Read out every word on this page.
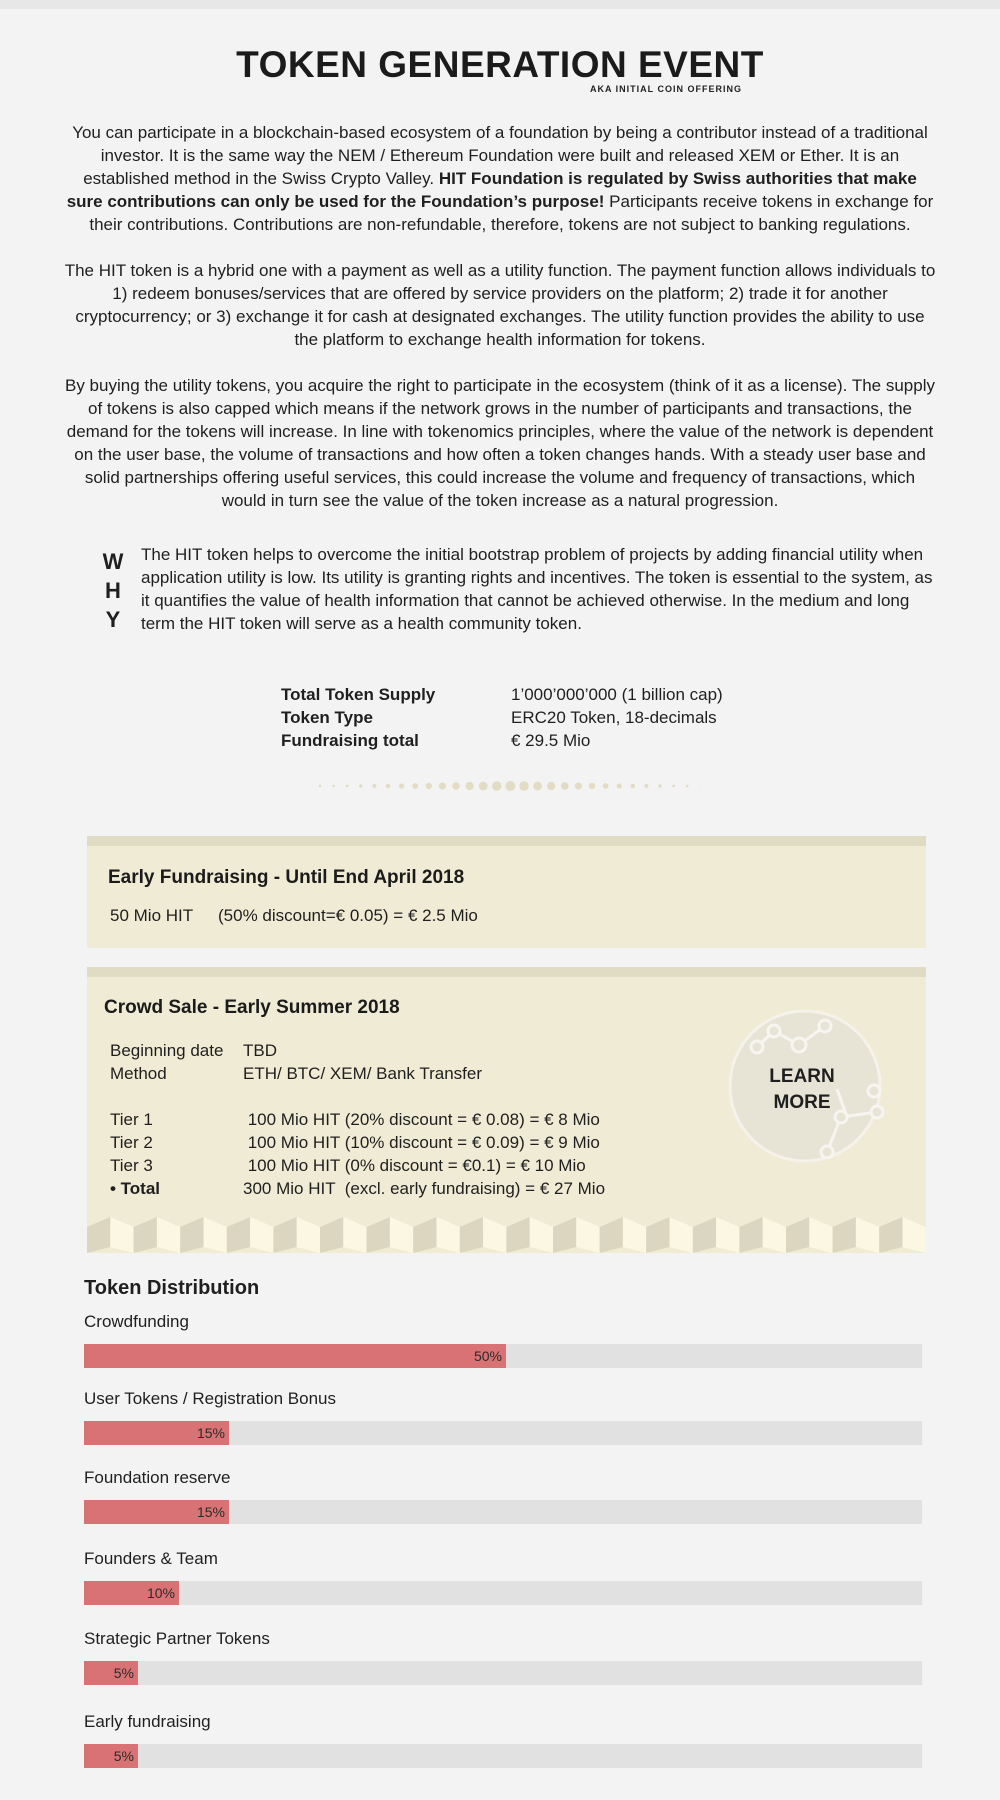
TOKEN GENERATION EVENT
AKA INITIAL COIN OFFERING

You can participate in a blockchain-based ecosystem of a foundation by being a contributor instead of a traditional investor. It is the same way the NEM / Ethereum Foundation were built and released XEM or Ether. It is an established method in the Swiss Crypto Valley. HIT Foundation is regulated by Swiss authorities that make sure contributions can only be used for the Foundation’s purpose! Participants receive tokens in exchange for their contributions. Contributions are non-refundable, therefore, tokens are not subject to banking regulations.

The HIT token is a hybrid one with a payment as well as a utility function. The payment function allows individuals to 1) redeem bonuses/services that are offered by service providers on the platform; 2) trade it for another cryptocurrency; or 3) exchange it for cash at designated exchanges. The utility function provides the ability to use the platform to exchange health information for tokens.

By buying the utility tokens, you acquire the right to participate in the ecosystem (think of it as a license). The supply of tokens is also capped which means if the network grows in the number of participants and transactions, the demand for the tokens will increase. In line with tokenomics principles, where the value of the network is dependent on the user base, the volume of transactions and how often a token changes hands. With a steady user base and solid partnerships offering useful services, this could increase the volume and frequency of transactions, which would in turn see the value of the token increase as a natural progression.

W
H
Y

The HIT token helps to overcome the initial bootstrap problem of projects by adding financial utility when application utility is low. Its utility is granting rights and incentives. The token is essential to the system, as it quantifies the value of health information that cannot be achieved otherwise. In the medium and long term the HIT token will serve as a health community token.

Total Token Supply	1’000’000’000 (1 billion cap)
Token Type	ERC20 Token, 18-decimals
Fundraising total	€ 29.5 Mio
Early Fundraising - Until End April 2018
50 Mio HIT (50% discount=€ 0.05) = € 2.5 Mio
Crowd Sale - Early Summer 2018
Beginning date	TBD
Method	ETH/ BTC/ XEM/ Bank Transfer
Tier 1	100 Mio HIT (20% discount = € 0.08) = € 8 Mio
Tier 2	100 Mio HIT (10% discount = € 0.09) = € 9 Mio
Tier 3	100 Mio HIT (0% discount = €0.1) = € 10 Mio
• Total	300 Mio HIT  (excl. early fundraising) = € 27 Mio
LEARN
MORE
Token Distribution
Crowdfunding
50%
User Tokens / Registration Bonus
15%
Foundation reserve
15%
Founders & Team
10%
Strategic Partner Tokens
5%
Early fundraising
5%
